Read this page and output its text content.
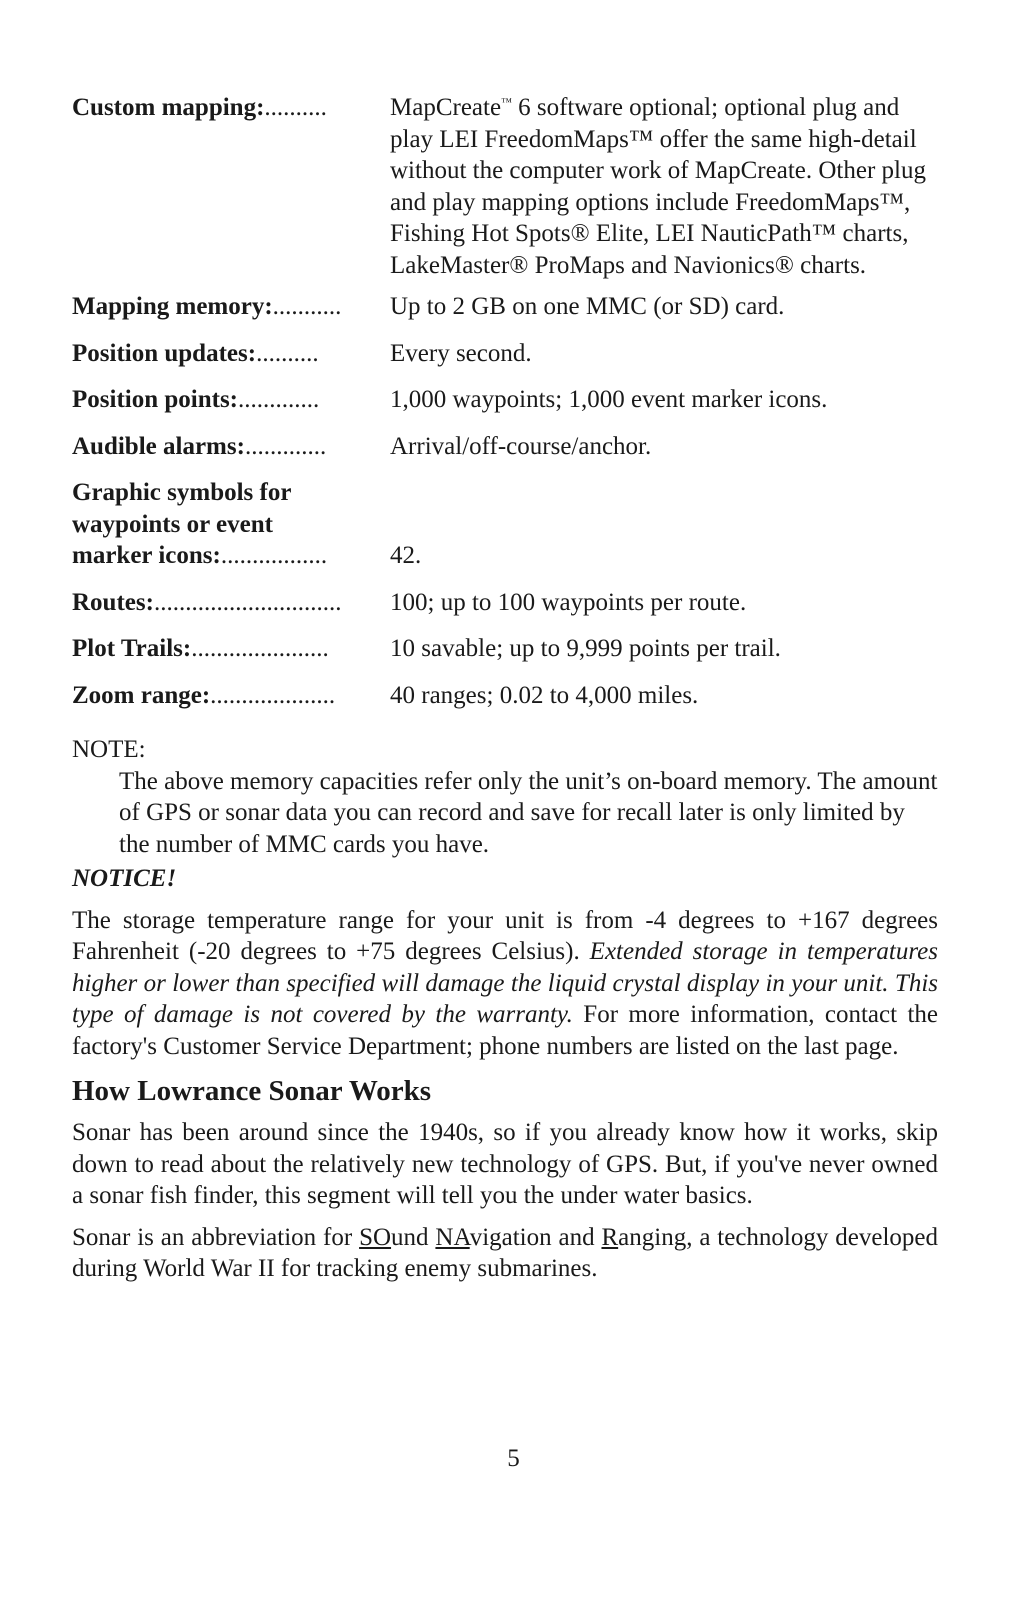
Custom mapping:..........	MapCreate™ 6 software optional; optional plug and play LEI FreedomMaps™ offer the same high-detail without the computer work of MapCreate. Other plug and play mapping options include FreedomMaps™, Fishing Hot Spots® Elite, LEI NauticPath™ charts, LakeMaster® ProMaps and Navionics® charts.
Mapping memory:...........	Up to 2 GB on one MMC (or SD) card.
Position updates:..........	Every second.
Position points:.............	1,000 waypoints; 1,000 event marker icons.
Audible alarms:.............	Arrival/off-course/anchor.
Graphic symbols for
waypoints or event
marker icons:.................	42.
Routes:..............................	100; up to 100 waypoints per route.
Plot Trails:......................	10 savable; up to 9,999 points per trail.
Zoom range:....................	40 ranges; 0.02 to 4,000 miles.
NOTE:
The above memory capacities refer only the unit’s on-board memory. The amount of GPS or sonar data you can record and save for recall later is only limited by the number of MMC cards you have.
NOTICE!
The storage temperature range for your unit is from -4 degrees to +167 degrees Fahrenheit (-20 degrees to +75 degrees Celsius). Extended storage in temperatures higher or lower than specified will damage the liquid crystal display in your unit. This type of damage is not covered by the warranty. For more information, contact the factory's Customer Service Department; phone numbers are listed on the last page.
How Lowrance Sonar Works
Sonar has been around since the 1940s, so if you already know how it works, skip down to read about the relatively new technology of GPS. But, if you've never owned a sonar fish finder, this segment will tell you the under water basics.
Sonar is an abbreviation for SOund NAvigation and Ranging, a technology developed during World War II for tracking enemy submarines.
5
